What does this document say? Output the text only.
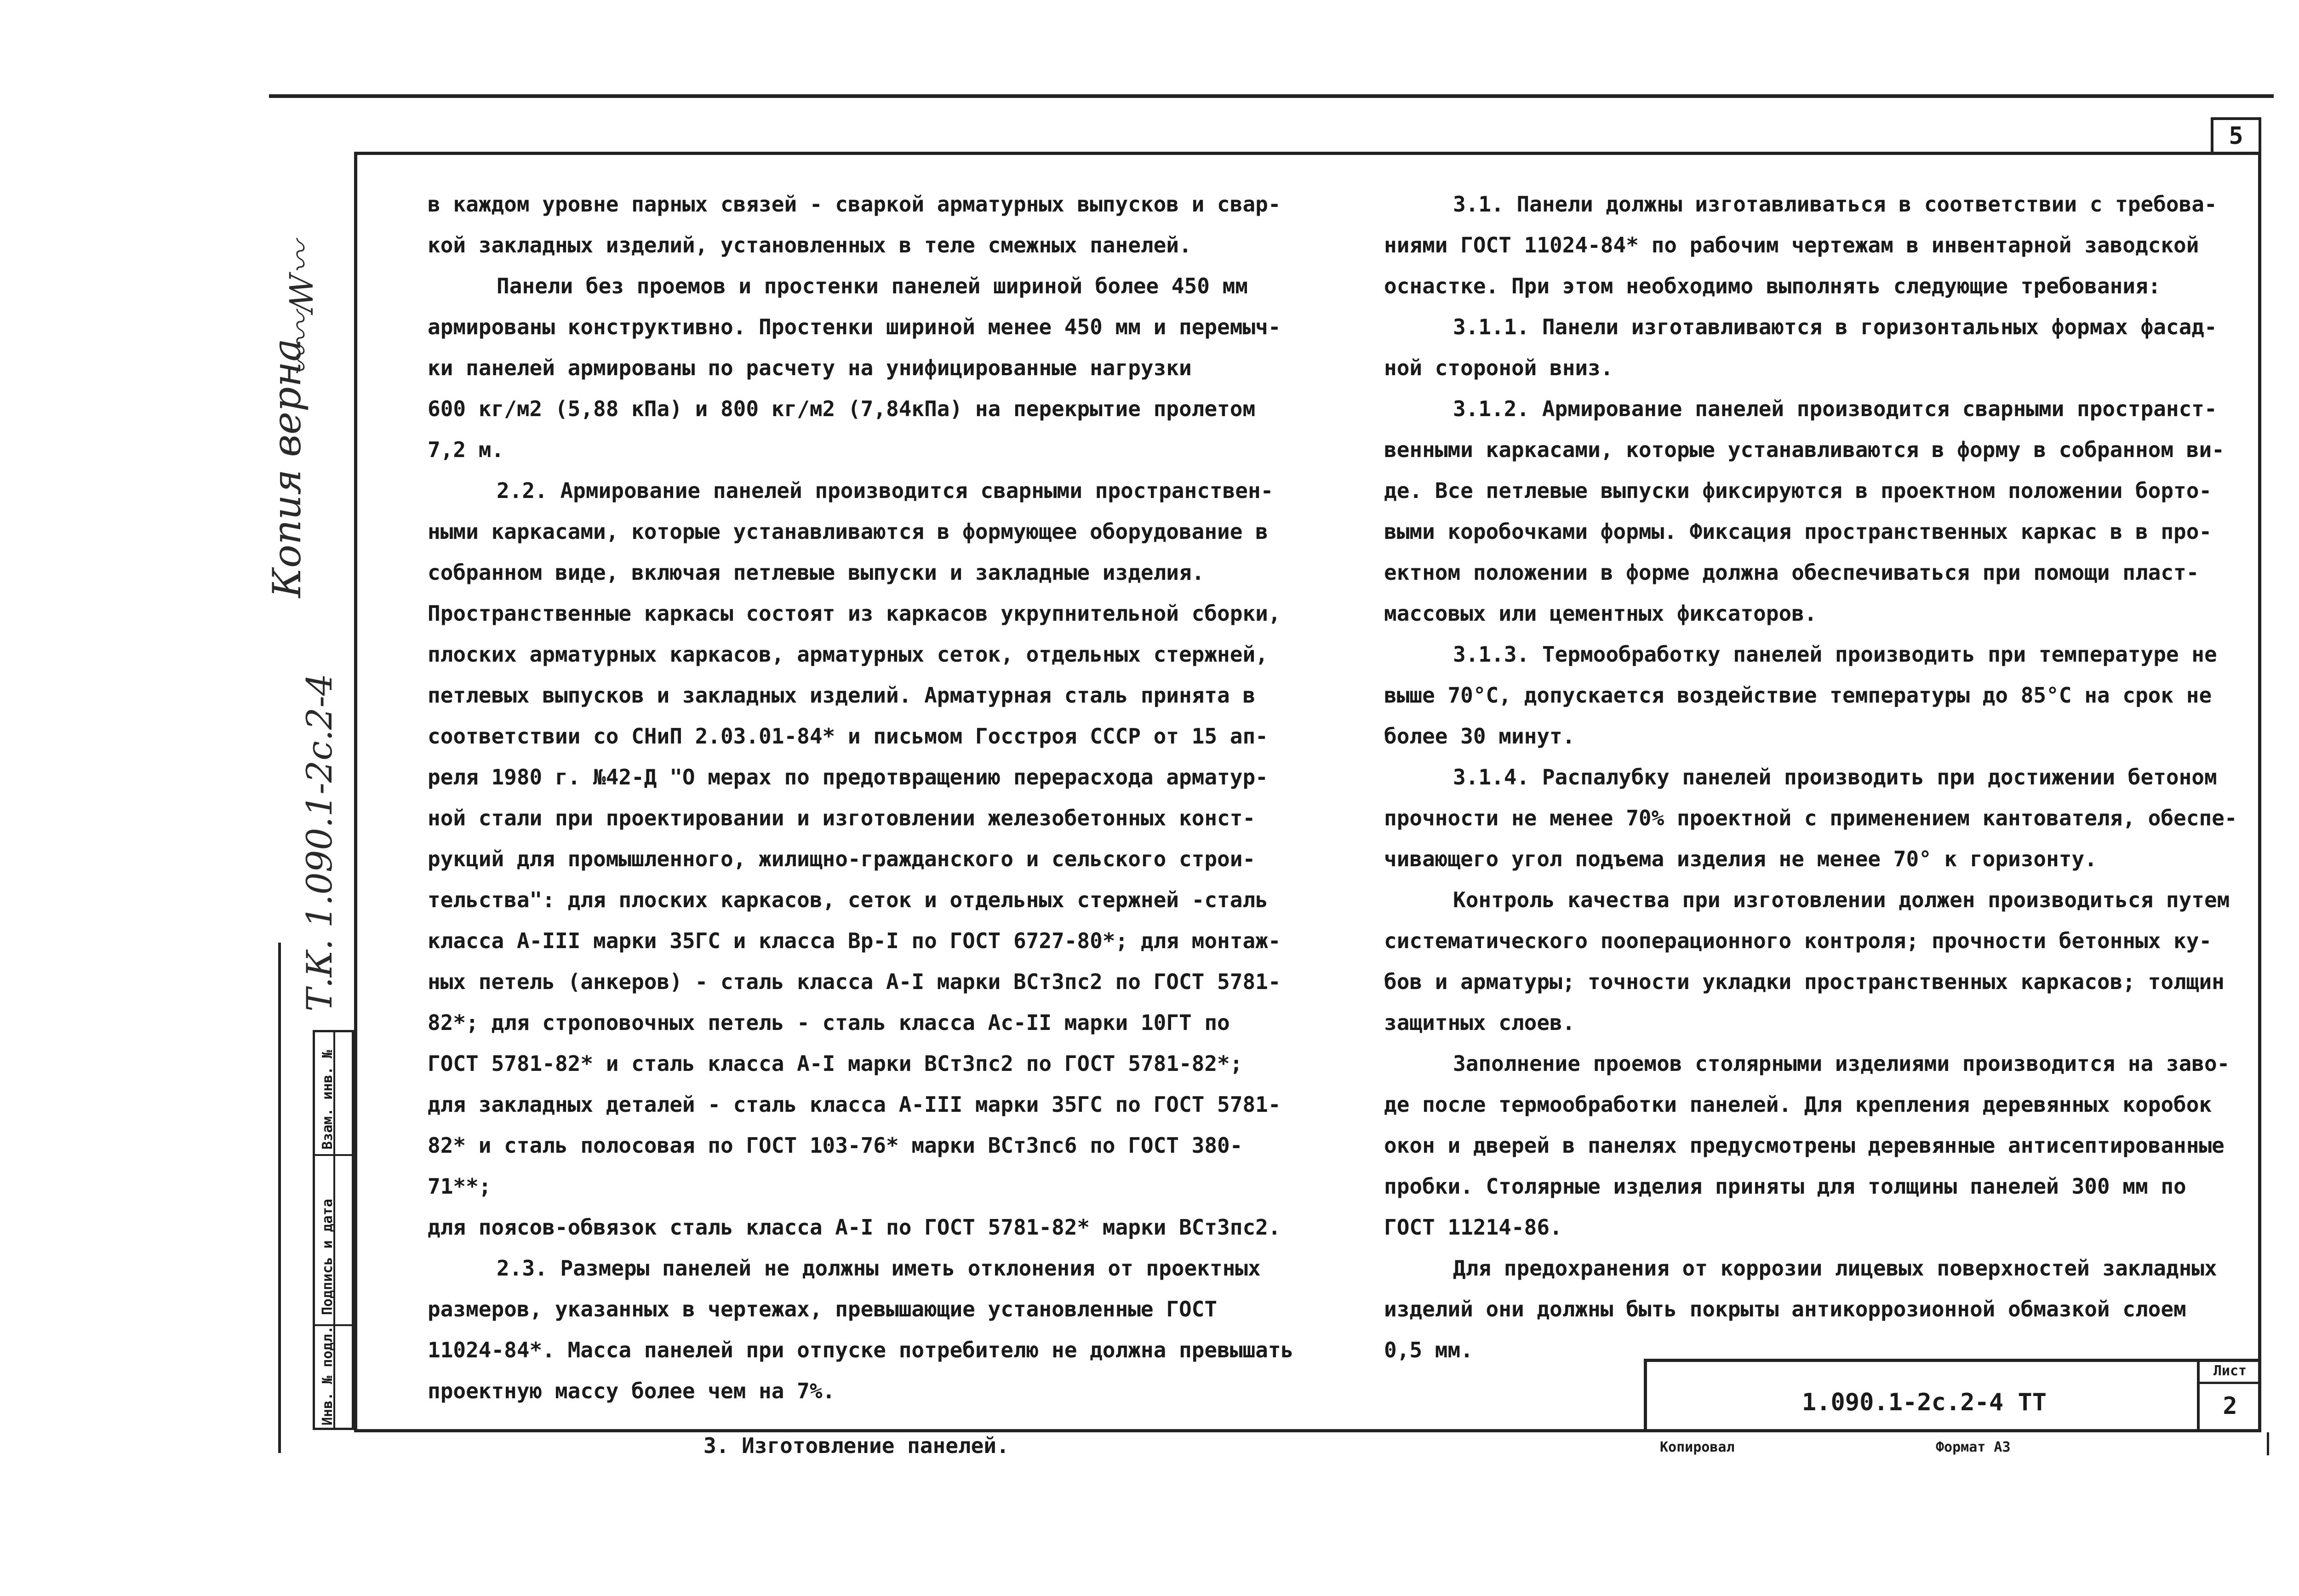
5
Инв. № подл.
Подпись и дата
Взам. инв. №
Копия верна
〰〰ꟿ〰
Т.К. 1.090.1-2с.2-4

в каждом уровне парных связей - сваркой арматурных выпусков и свар-

кой закладных изделий, установленных в теле смежных панелей.

Панели без проемов и простенки панелей шириной более 450 мм

армированы конструктивно. Простенки шириной менее 450 мм и перемыч-

ки панелей армированы по расчету на унифицированные нагрузки

600 кг/м2 (5,88 кПа) и 800 кг/м2 (7,84кПа) на перекрытие пролетом

7,2 м.

2.2. Армирование панелей производится сварными пространствен-

ными каркасами, которые устанавливаются в формующее оборудование в

собранном виде, включая петлевые выпуски и закладные изделия.

Пространственные каркасы состоят из каркасов укрупнительной сборки,

плоских арматурных каркасов, арматурных сеток, отдельных стержней,

петлевых выпусков и закладных изделий. Арматурная сталь принята в

соответствии со СНиП 2.03.01-84* и письмом Госстроя СССР от 15 ап-

реля 1980 г. №42-Д "О мерах по предотвращению перерасхода арматур-

ной стали при проектировании и изготовлении железобетонных конст-

рукций для промышленного, жилищно-гражданского и сельского строи-

тельства": для плоских каркасов, сеток и отдельных стержней -сталь

класса А-III марки 35ГС и класса Вр-I по ГОСТ 6727-80*; для монтаж-

ных петель (анкеров) - сталь класса А-I марки ВСт3пс2 по ГОСТ 5781-

82*; для строповочных петель - сталь класса Ас-II марки 10ГТ по

ГОСТ 5781-82* и сталь класса А-I марки ВСт3пс2 по ГОСТ 5781-82*;

для закладных деталей - сталь класса А-III марки 35ГС по ГОСТ 5781-

82* и сталь полосовая по ГОСТ 103-76* марки ВСт3пс6 по ГОСТ 380-71**;

для поясов-обвязок сталь класса А-I по ГОСТ 5781-82* марки ВСт3пс2.

2.3. Размеры панелей не должны иметь отклонения от проектных

размеров, указанных в чертежах, превышающие установленные ГОСТ

11024-84*. Масса панелей при отпуске потребителю не должна превышать

проектную массу более чем на 7%.

3. Изготовление панелей.

3.1. Панели должны изготавливаться в соответствии с требова-

ниями ГОСТ 11024-84* по рабочим чертежам в инвентарной заводской

оснастке. При этом необходимо выполнять следующие требования:

3.1.1. Панели изготавливаются в горизонтальных формах фасад-

ной стороной вниз.

3.1.2. Армирование панелей производится сварными пространст-

венными каркасами, которые устанавливаются в форму в собранном ви-

де. Все петлевые выпуски фиксируются в проектном положении борто-

выми коробочками формы. Фиксация пространственных каркас в в про-

ектном положении в форме должна обеспечиваться при помощи пласт-

массовых или цементных фиксаторов.

3.1.3. Термообработку панелей производить при температуре не

выше 70°С, допускается воздействие температуры до 85°С на срок не

более 30 минут.

3.1.4. Распалубку панелей производить при достижении бетоном

прочности не менее 70% проектной с применением кантователя, обеспе-

чивающего угол подъема изделия не менее 70° к горизонту.

Контроль качества при изготовлении должен производиться путем

систематического пооперационного контроля; прочности бетонных ку-

бов и арматуры; точности укладки пространственных каркасов; толщин

защитных слоев.

Заполнение проемов столярными изделиями производится на заво-

де после термообработки панелей. Для крепления деревянных коробок

окон и дверей в панелях предусмотрены деревянные антисептированные

пробки. Столярные изделия приняты для толщины панелей 300 мм по

ГОСТ 11214-86.

Для предохранения от коррозии лицевых поверхностей закладных

изделий они должны быть покрыты антикоррозионной обмазкой слоем

0,5 мм.

1.090.1-2с.2-4 ТТ
Лист
2
Копировал	Формат А3
